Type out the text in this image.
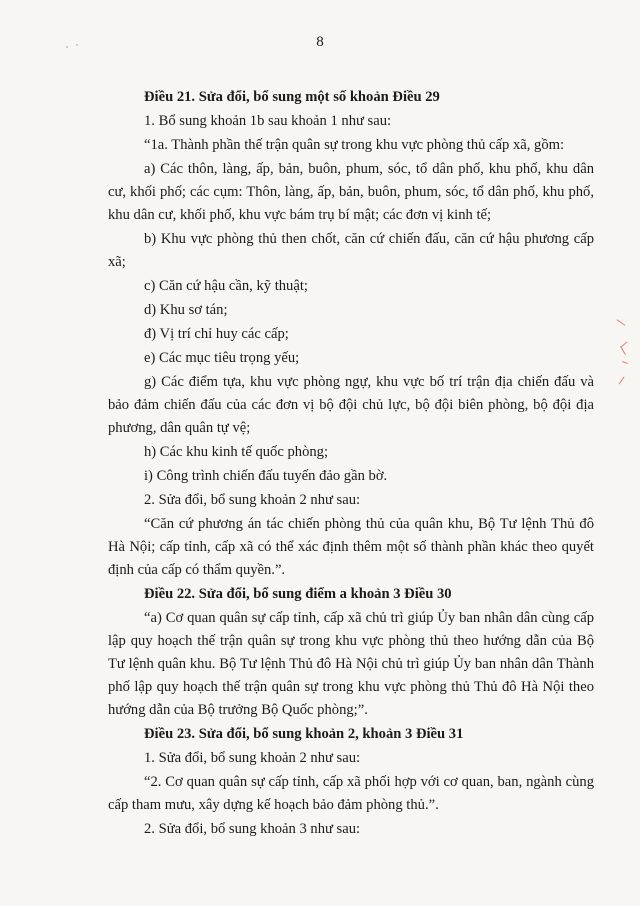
8

Điều 21. Sửa đổi, bổ sung một số khoản Điều 29

1. Bổ sung khoản 1b sau khoản 1 như sau:

“1a. Thành phần thế trận quân sự trong khu vực phòng thủ cấp xã, gồm:

a) Các thôn, làng, ấp, bản, buôn, phum, sóc, tổ dân phố, khu phố, khu dân cư, khối phố; các cụm: Thôn, làng, ấp, bản, buôn, phum, sóc, tổ dân phố, khu phố, khu dân cư, khối phố, khu vực bám trụ bí mật; các đơn vị kinh tế;

b) Khu vực phòng thủ then chốt, căn cứ chiến đấu, căn cứ hậu phương cấp xã;

c) Căn cứ hậu cần, kỹ thuật;

d) Khu sơ tán;

đ) Vị trí chỉ huy các cấp;

e) Các mục tiêu trọng yếu;

g) Các điểm tựa, khu vực phòng ngự, khu vực bố trí trận địa chiến đấu và bảo đảm chiến đấu của các đơn vị bộ đội chủ lực, bộ đội biên phòng, bộ đội địa phương, dân quân tự vệ;

h) Các khu kinh tế quốc phòng;

i) Công trình chiến đấu tuyến đảo gần bờ.

2. Sửa đổi, bổ sung khoản 2 như sau:

“Căn cứ phương án tác chiến phòng thủ của quân khu, Bộ Tư lệnh Thủ đô Hà Nội; cấp tỉnh, cấp xã có thể xác định thêm một số thành phần khác theo quyết định của cấp có thẩm quyền.”.

Điều 22. Sửa đổi, bổ sung điểm a khoản 3 Điều 30

“a) Cơ quan quân sự cấp tỉnh, cấp xã chủ trì giúp Ủy ban nhân dân cùng cấp lập quy hoạch thế trận quân sự trong khu vực phòng thủ theo hướng dẫn của Bộ Tư lệnh quân khu. Bộ Tư lệnh Thủ đô Hà Nội chủ trì giúp Ủy ban nhân dân Thành phố lập quy hoạch thế trận quân sự trong khu vực phòng thủ Thủ đô Hà Nội theo hướng dẫn của Bộ trưởng Bộ Quốc phòng;”.

Điều 23. Sửa đổi, bổ sung khoản 2, khoản 3 Điều 31

1. Sửa đổi, bổ sung khoản 2 như sau:

“2. Cơ quan quân sự cấp tỉnh, cấp xã phối hợp với cơ quan, ban, ngành cùng cấp tham mưu, xây dựng kế hoạch bảo đảm phòng thủ.”.

2. Sửa đổi, bổ sung khoản 3 như sau:
